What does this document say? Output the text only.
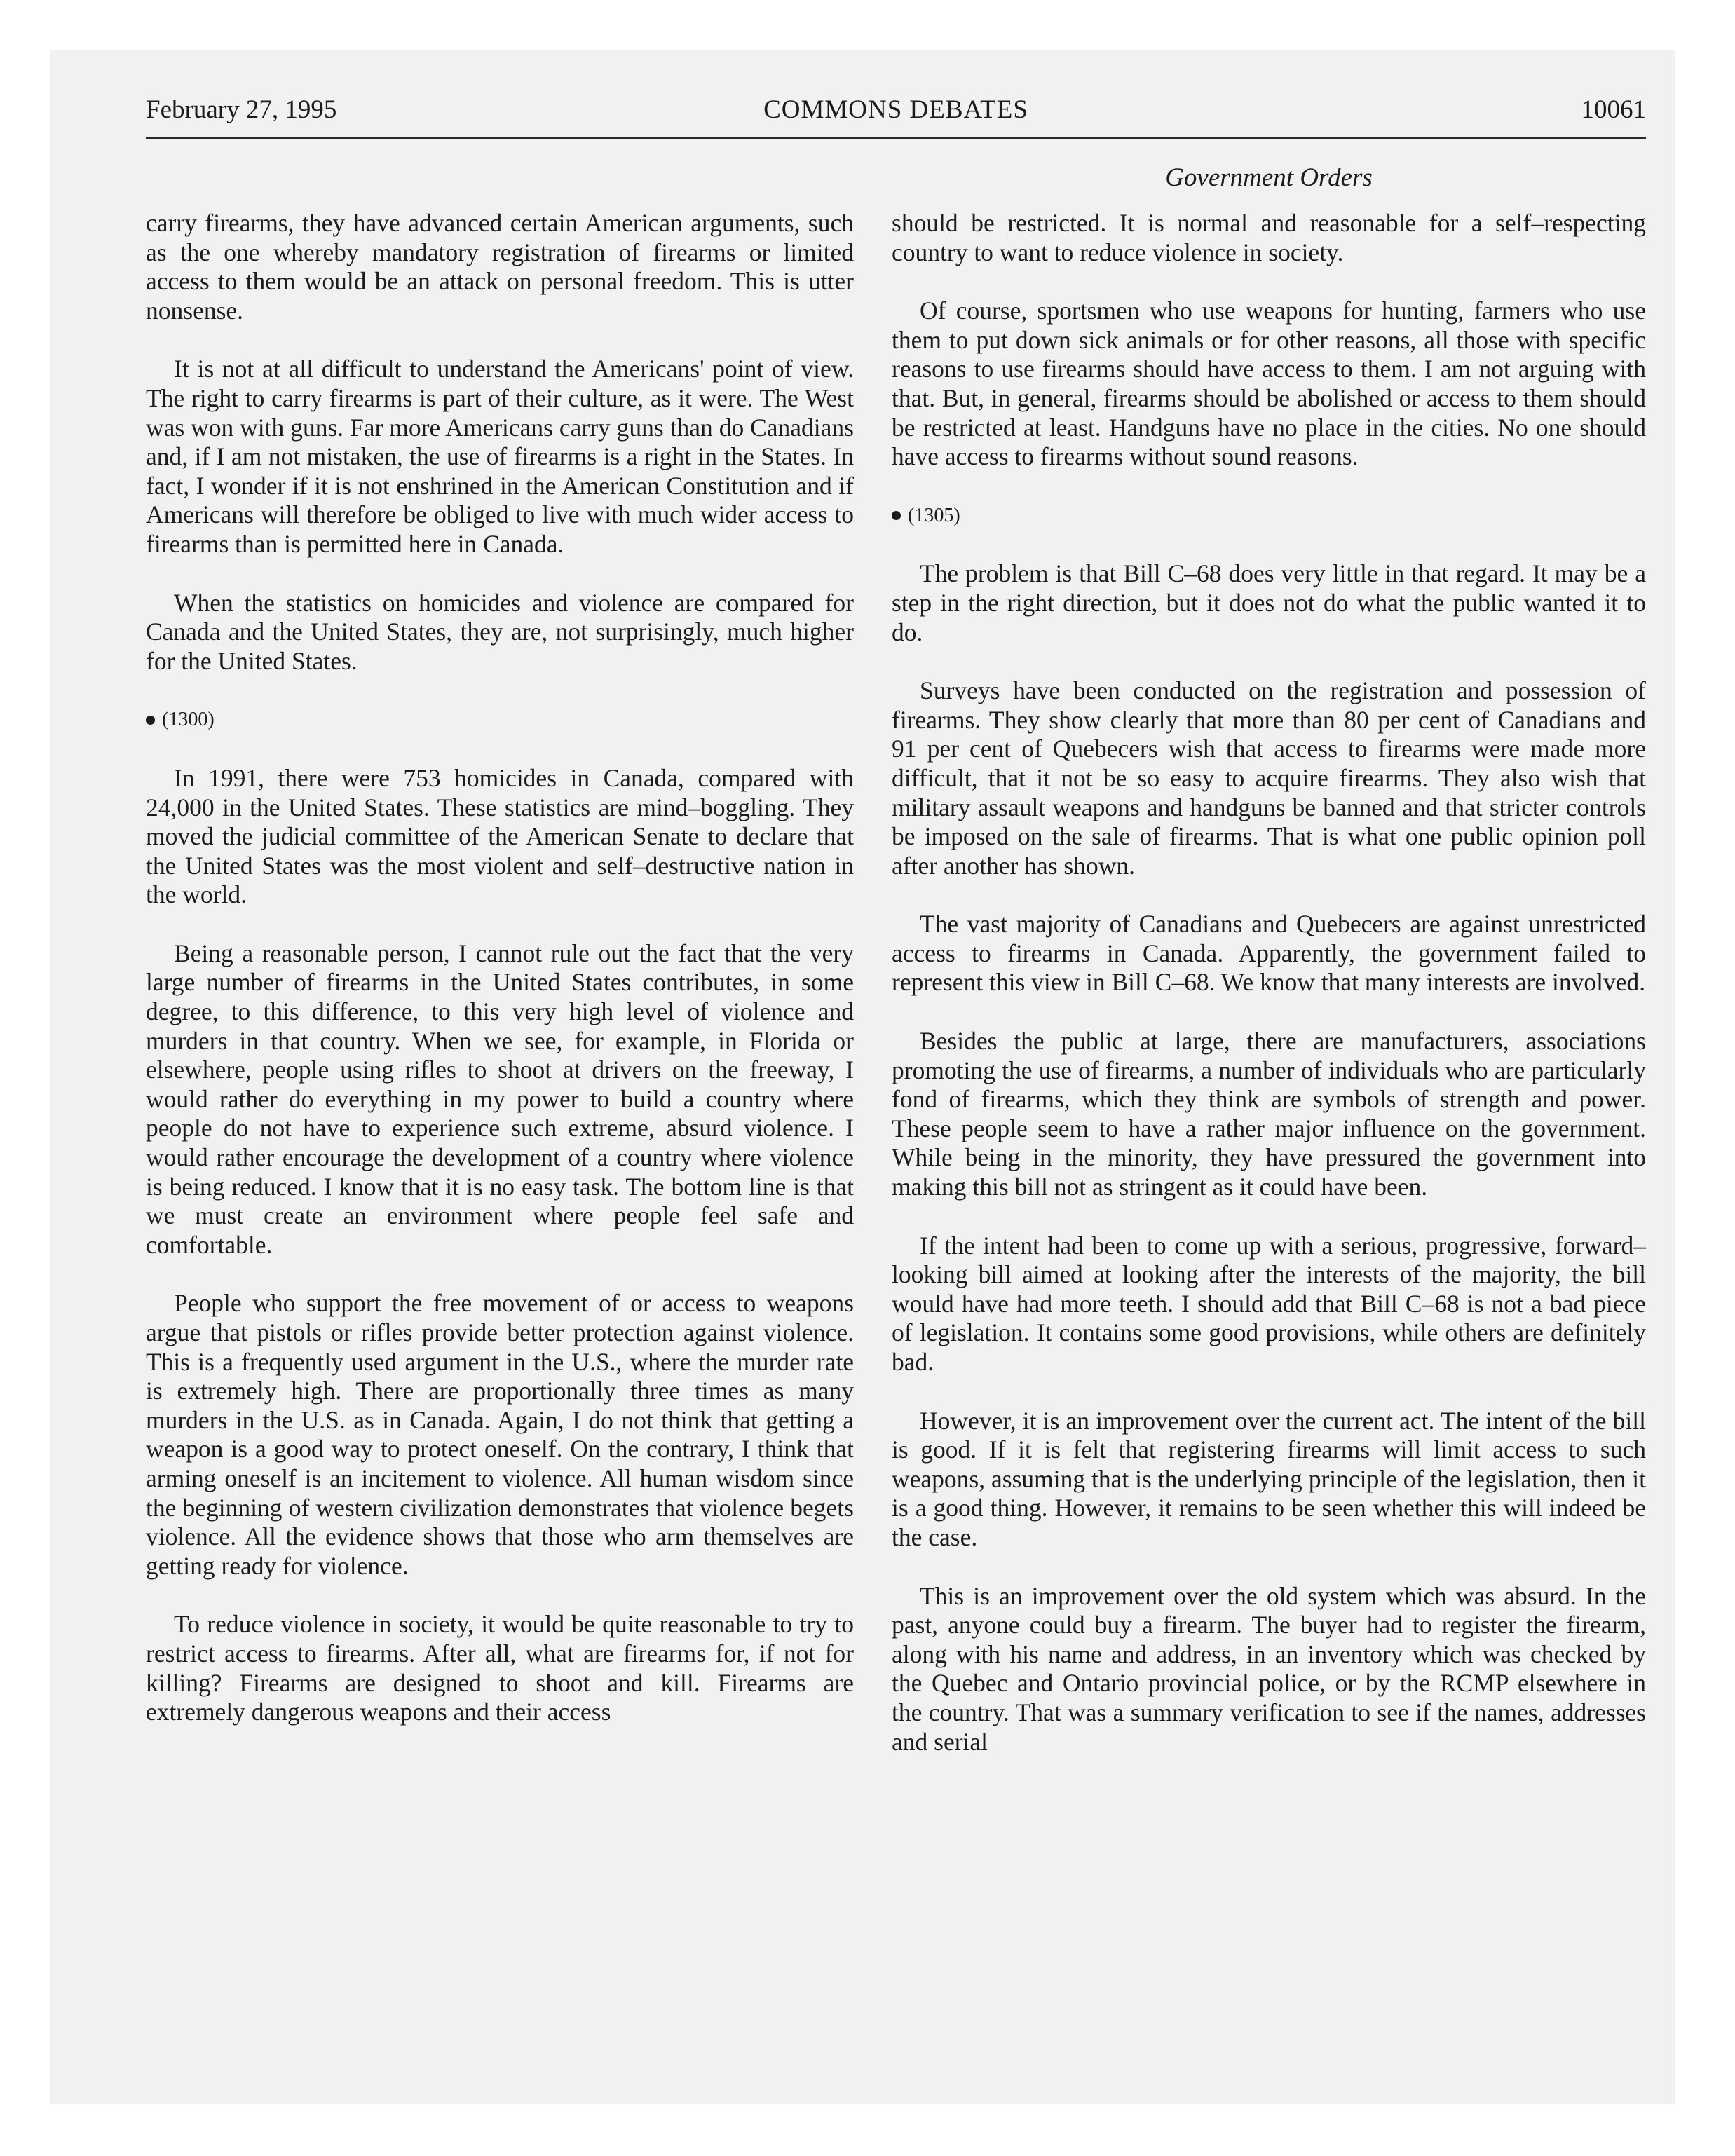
February 27, 1995	COMMONS DEBATES	10061
Government Orders

carry firearms, they have advanced certain American arguments, such as the one whereby mandatory registration of firearms or limited access to them would be an attack on personal freedom. This is utter nonsense.

It is not at all difficult to understand the Americans' point of view. The right to carry firearms is part of their culture, as it were. The West was won with guns. Far more Americans carry guns than do Canadians and, if I am not mistaken, the use of firearms is a right in the States. In fact, I wonder if it is not enshrined in the American Constitution and if Americans will therefore be obliged to live with much wider access to firearms than is permitted here in Canada.

When the statistics on homicides and violence are compared for Canada and the United States, they are, not surprisingly, much higher for the United States.

(1300)

In 1991, there were 753 homicides in Canada, compared with 24,000 in the United States. These statistics are mind–boggling. They moved the judicial committee of the American Senate to declare that the United States was the most violent and self–destructive nation in the world.

Being a reasonable person, I cannot rule out the fact that the very large number of firearms in the United States contributes, in some degree, to this difference, to this very high level of violence and murders in that country. When we see, for example, in Florida or elsewhere, people using rifles to shoot at drivers on the freeway, I would rather do everything in my power to build a country where people do not have to experience such extreme, absurd violence. I would rather encourage the development of a country where violence is being reduced. I know that it is no easy task. The bottom line is that we must create an environment where people feel safe and comfortable.

People who support the free movement of or access to weapons argue that pistols or rifles provide better protection against violence. This is a frequently used argument in the U.S., where the murder rate is extremely high. There are proportionally three times as many murders in the U.S. as in Canada. Again, I do not think that getting a weapon is a good way to protect oneself. On the contrary, I think that arming oneself is an incitement to violence. All human wisdom since the beginning of western civilization demonstrates that violence begets violence. All the evidence shows that those who arm themselves are getting ready for violence.

To reduce violence in society, it would be quite reasonable to try to restrict access to firearms. After all, what are firearms for, if not for killing? Firearms are designed to shoot and kill. Firearms are extremely dangerous weapons and their access

should be restricted. It is normal and reasonable for a self–respecting country to want to reduce violence in society.

Of course, sportsmen who use weapons for hunting, farmers who use them to put down sick animals or for other reasons, all those with specific reasons to use firearms should have access to them. I am not arguing with that. But, in general, firearms should be abolished or access to them should be restricted at least. Handguns have no place in the cities. No one should have access to firearms without sound reasons.

(1305)

The problem is that Bill C–68 does very little in that regard. It may be a step in the right direction, but it does not do what the public wanted it to do.

Surveys have been conducted on the registration and possession of firearms. They show clearly that more than 80 per cent of Canadians and 91 per cent of Quebecers wish that access to firearms were made more difficult, that it not be so easy to acquire firearms. They also wish that military assault weapons and handguns be banned and that stricter controls be imposed on the sale of firearms. That is what one public opinion poll after another has shown.

The vast majority of Canadians and Quebecers are against unrestricted access to firearms in Canada. Apparently, the government failed to represent this view in Bill C–68. We know that many interests are involved.

Besides the public at large, there are manufacturers, associations promoting the use of firearms, a number of individuals who are particularly fond of firearms, which they think are symbols of strength and power. These people seem to have a rather major influence on the government. While being in the minority, they have pressured the government into making this bill not as stringent as it could have been.

If the intent had been to come up with a serious, progressive, forward–looking bill aimed at looking after the interests of the majority, the bill would have had more teeth. I should add that Bill C–68 is not a bad piece of legislation. It contains some good provisions, while others are definitely bad.

However, it is an improvement over the current act. The intent of the bill is good. If it is felt that registering firearms will limit access to such weapons, assuming that is the underlying principle of the legislation, then it is a good thing. However, it remains to be seen whether this will indeed be the case.

This is an improvement over the old system which was absurd. In the past, anyone could buy a firearm. The buyer had to register the firearm, along with his name and address, in an inventory which was checked by the Quebec and Ontario provincial police, or by the RCMP elsewhere in the country. That was a summary verification to see if the names, addresses and serial
